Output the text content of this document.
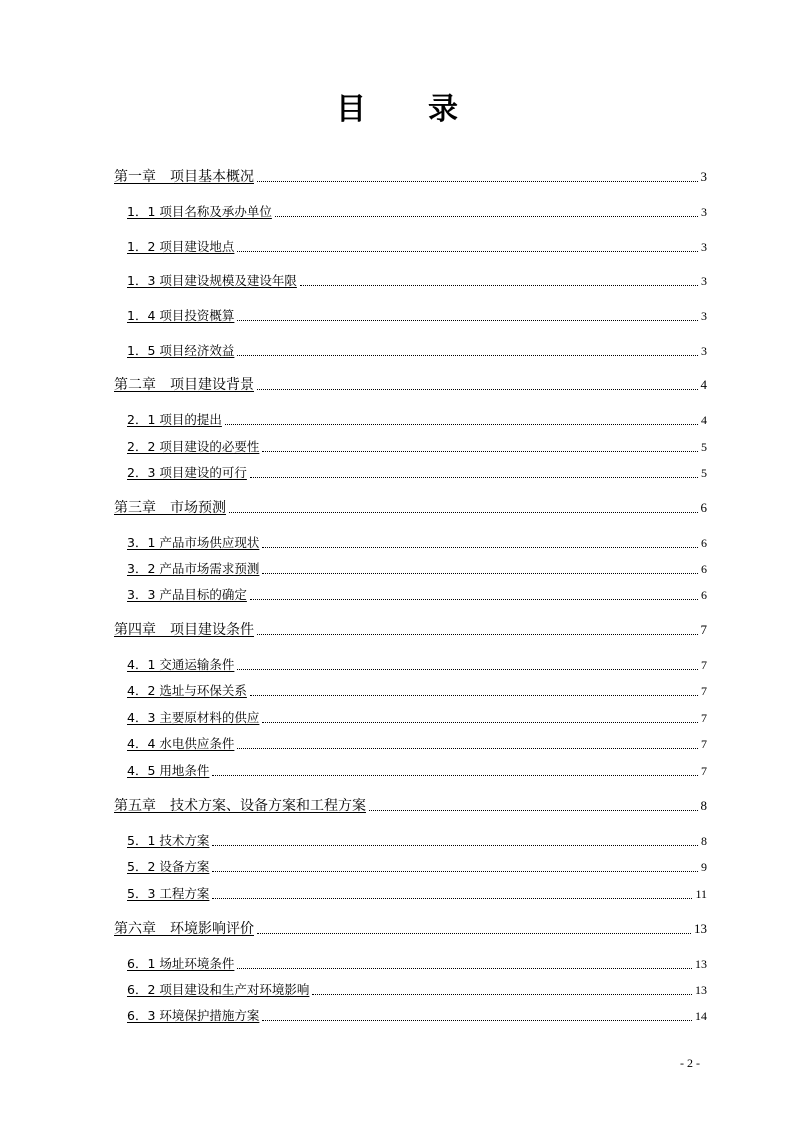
目录
第一章　项目基本概况	3
1．1 项目名称及承办单位	3
1．2 项目建设地点	3
1．3 项目建设规模及建设年限	3
1．4 项目投资概算	3
1．5 项目经济效益	3
第二章　项目建设背景	4
2．1 项目的提出	4
2．2 项目建设的必要性	5
2．3 项目建设的可行	5
第三章　市场预测	6
3．1 产品市场供应现状	6
3．2 产品市场需求预测	6
3．3 产品目标的确定	6
第四章　项目建设条件	7
4．1 交通运输条件	7
4．2 选址与环保关系	7
4．3 主要原材料的供应	7
4．4 水电供应条件	7
4．5 用地条件	7
第五章　技术方案、设备方案和工程方案	8
5．1 技术方案	8
5．2 设备方案	9
5．3 工程方案	11
第六章　环境影响评价	13
6．1 场址环境条件	13
6．2 项目建设和生产对环境影响	13
6．3 环境保护措施方案	14
- 2 -
